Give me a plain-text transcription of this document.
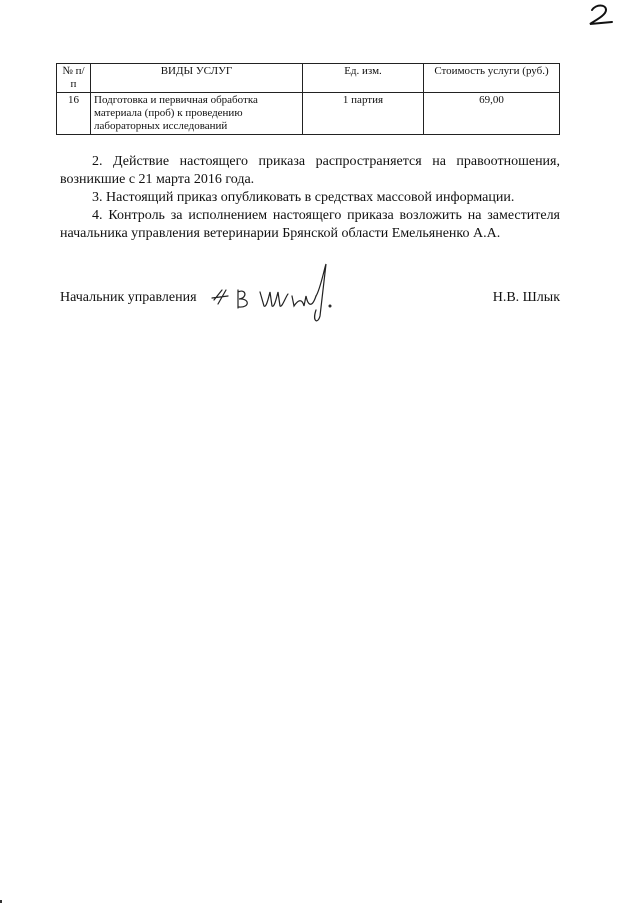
№ п/п	ВИДЫ УСЛУГ	Ед. изм.	Стоимость услуги (руб.)
16	Подготовка и первичная обработка материала (проб) к проведению лабораторных исследований	1 партия	69,00

2. Действие настоящего приказа распространяется на правоотношения, возникшие с 21 марта 2016 года.

3. Настоящий приказ опубликовать в средствах массовой информации.

4. Контроль за исполнением настоящего приказа возложить на заместителя начальника управления ветеринарии Брянской области Емельяненко А.А.

Начальник управления	Н.В. Шлык
